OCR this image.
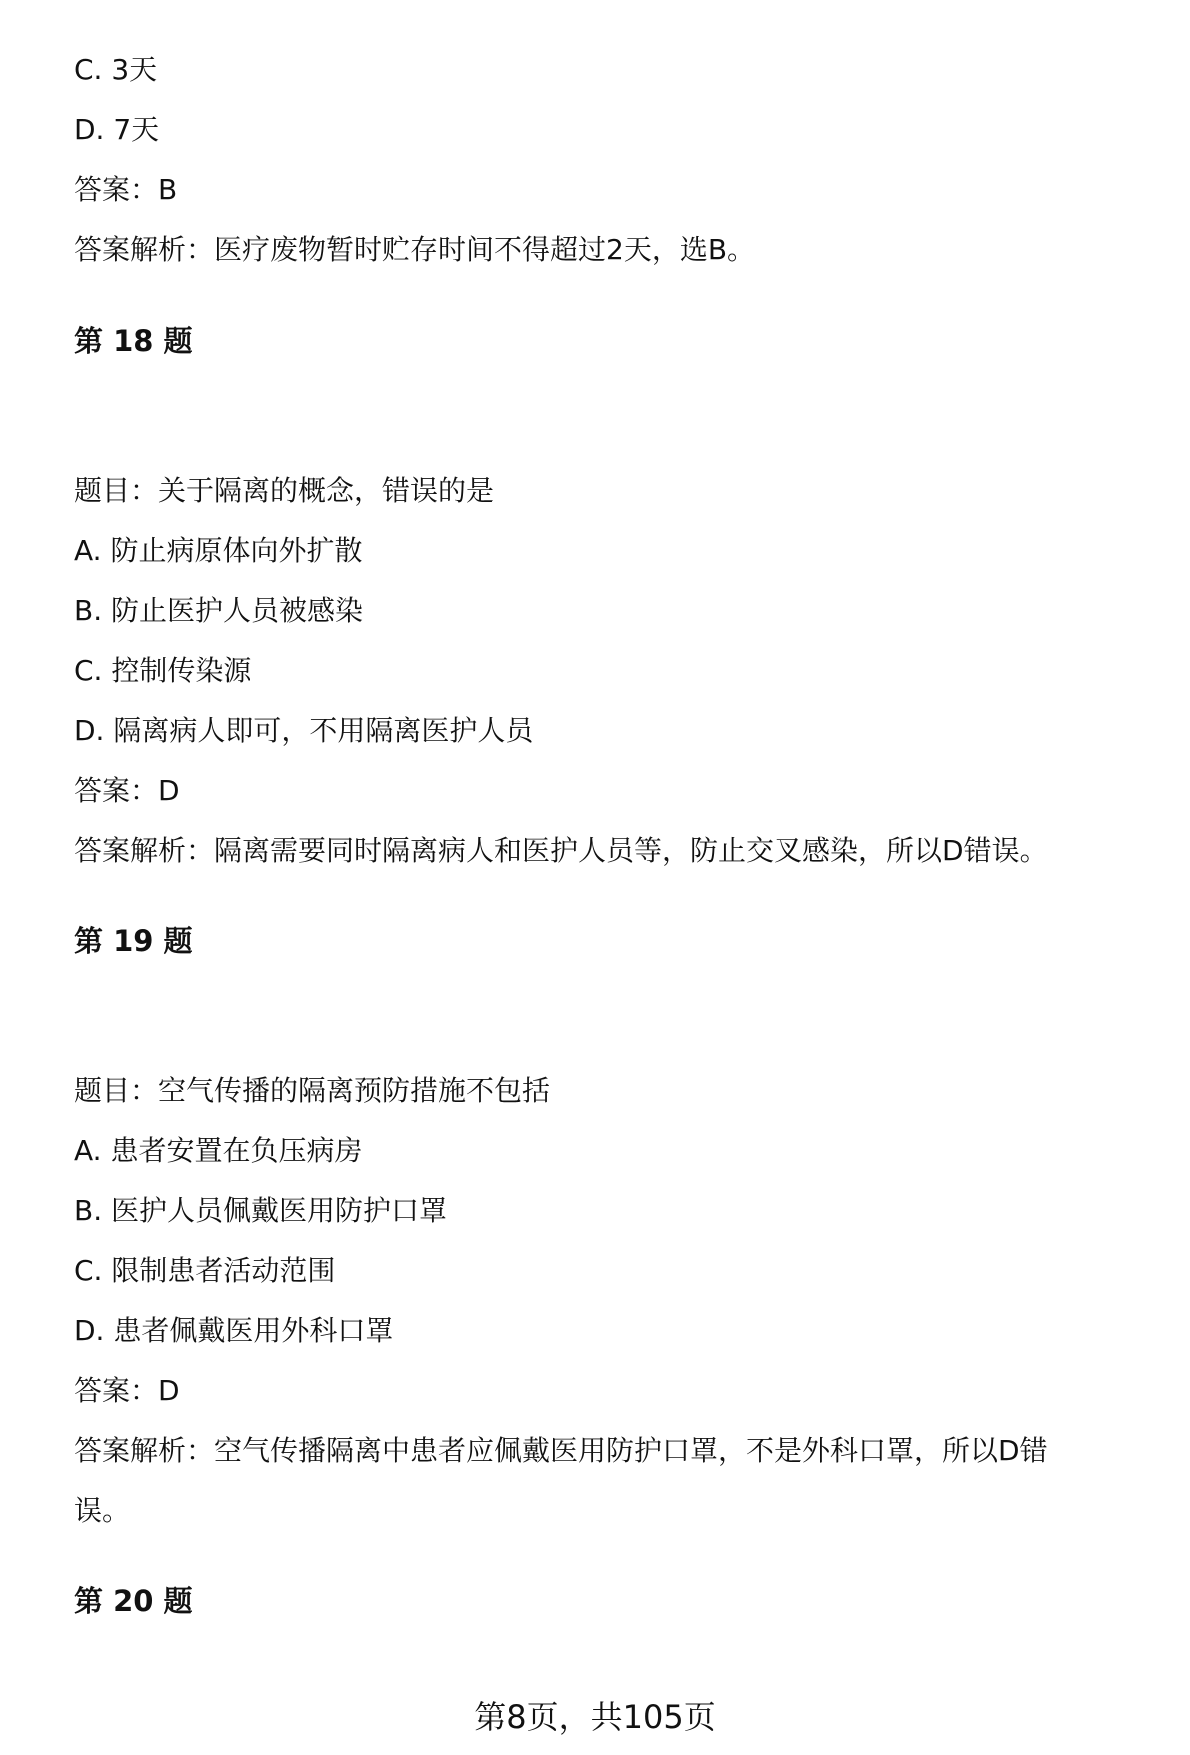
C. 3天
D. 7天
答案：B
答案解析：医疗废物暂时贮存时间不得超过2天，选B。
第 18 题
题目：关于隔离的概念，错误的是
A. 防止病原体向外扩散
B. 防止医护人员被感染
C. 控制传染源
D. 隔离病人即可，不用隔离医护人员
答案：D
答案解析：隔离需要同时隔离病人和医护人员等，防止交叉感染，所以D错误。
第 19 题
题目：空气传播的隔离预防措施不包括
A. 患者安置在负压病房
B. 医护人员佩戴医用防护口罩
C. 限制患者活动范围
D. 患者佩戴医用外科口罩
答案：D
答案解析：空气传播隔离中患者应佩戴医用防护口罩，不是外科口罩，所以D错
误。
第 20 题
第8页，共105页
